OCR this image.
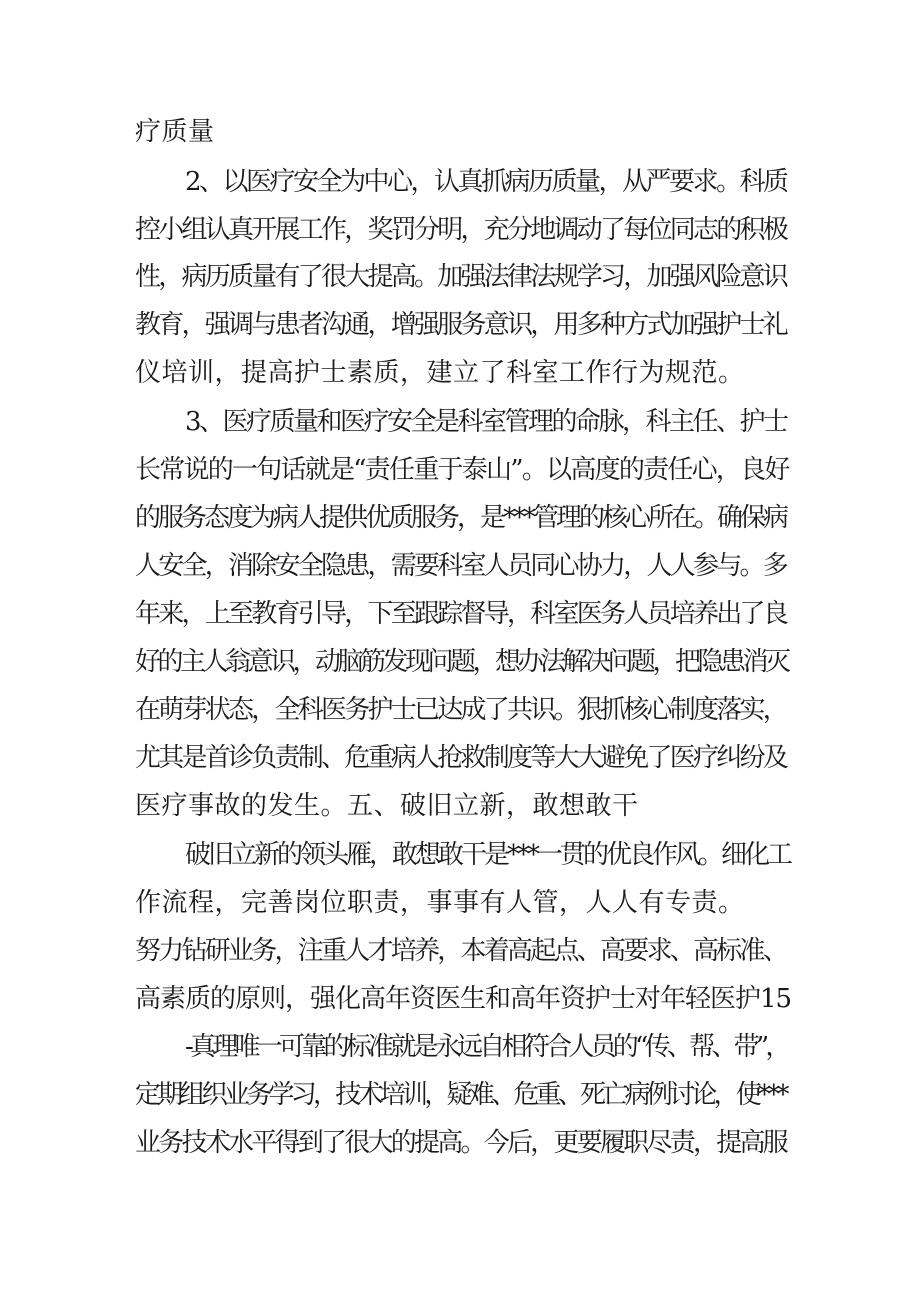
疗质量
2、以医疗安全为中心，认真抓病历质量，从严要求。科质
控小组认真开展工作，奖罚分明，充分地调动了每位同志的积极
性，病历质量有了很大提高。加强法律法规学习，加强风险意识
教育，强调与患者沟通，增强服务意识，用多种方式加强护士礼
仪培训，提高护士素质，建立了科室工作行为规范。
3、医疗质量和医疗安全是科室管理的命脉，科主任、护士
长常说的一句话就是“责任重于泰山”。以高度的责任心，良好
的服务态度为病人提供优质服务，是***管理的核心所在。确保病
人安全，消除安全隐患，需要科室人员同心协力，人人参与。多
年来，上至教育引导，下至跟踪督导，科室医务人员培养出了良
好的主人翁意识，动脑筋发现问题，想办法解决问题，把隐患消灭
在萌芽状态，全科医务护士已达成了共识。狠抓核心制度落实，
尤其是首诊负责制、危重病人抢救制度等大大避免了医疗纠纷及
医疗事故的发生。五、破旧立新，敢想敢干
破旧立新的领头雁，敢想敢干是***一贯的优良作风。细化工
作流程，完善岗位职责，事事有人管，人人有专责。
努力钻研业务，注重人才培养，本着高起点、高要求、高标准、
高素质的原则，强化高年资医生和高年资护士对年轻医护15
-真理唯一可靠的标准就是永远自相符合人员的“传、帮、带”，
定期组织业务学习，技术培训，疑难、危重、死亡病例讨论，使***
业务技术水平得到了很大的提高。今后，更要履职尽责，提高服
